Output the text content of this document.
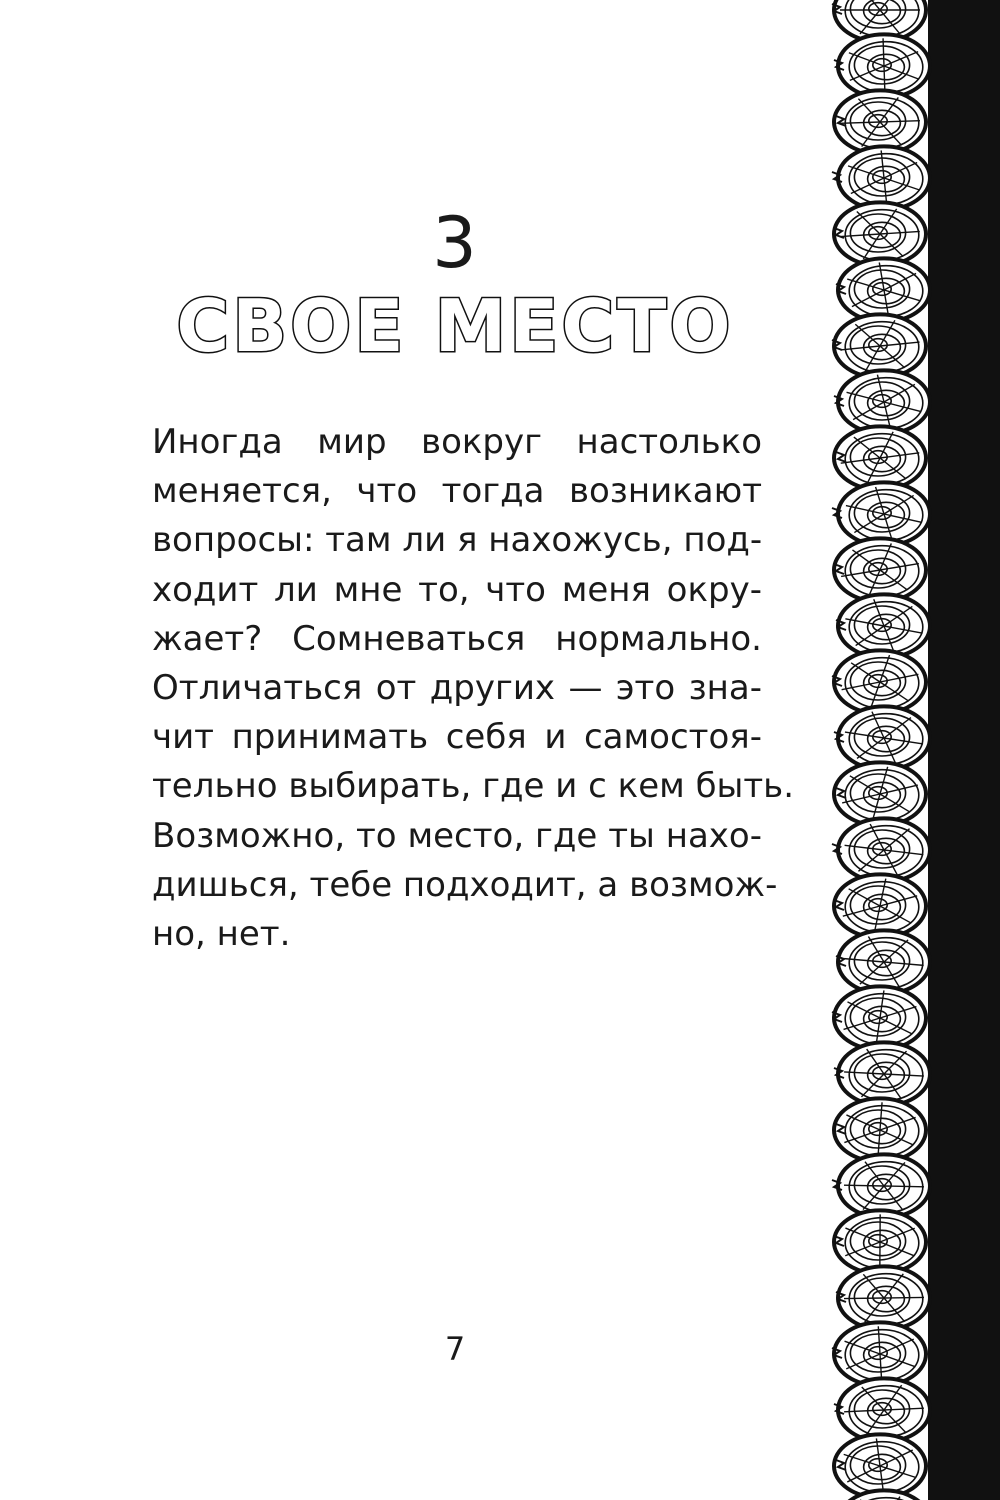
3
СВОЕ МЕСТО
Иногда мир вокруг настолько
меняется, что тогда возникают
вопросы: там ли я нахожусь, под-
ходит ли мне то, что меня окру-
жает? Сомневаться нормально.
Отличаться от других — это зна-
чит принимать себя и самостоя-
тельно выбирать, где и с кем быть.
Возможно, то место, где ты нахо-
дишься, тебе подходит, а возмож-
но, нет.
7
